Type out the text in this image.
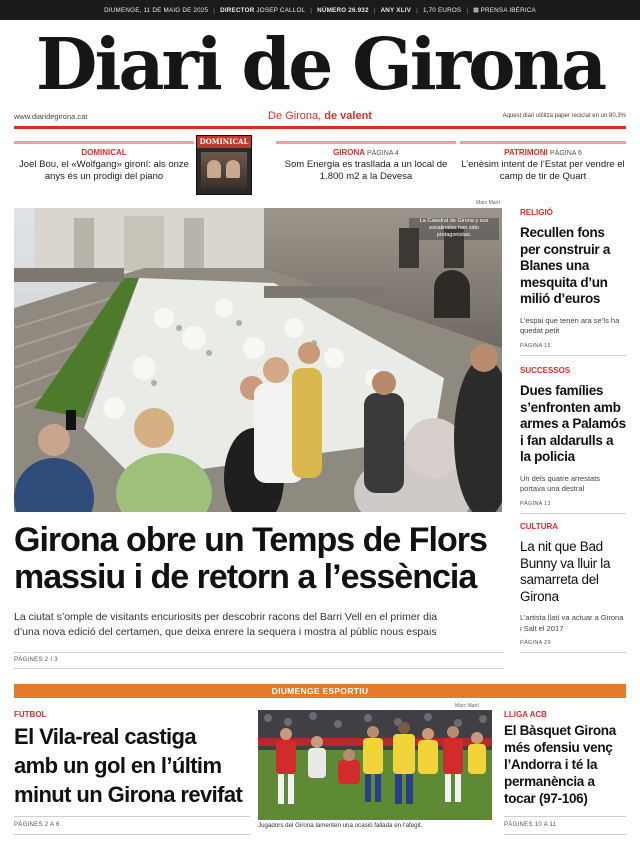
DIUMENGE, 11 DE MAIG DE 2025 | DIRECTOR
JOSEP CALLOL | NÚMERO 26.932 | ANY XLIV | 1,70 EUROS | ⊞ PRENSA IBÉRICA
Diari de Girona
www.diaridegirona.cat	De Girona, de valent	Aquest diari utilitza paper reciclat en un 80,3%
DOMINICAL
Joel Bou, el «Wolfgang» gironí: als onze anys és un prodigi del piano
DOMINICAL
GIRONA PÀGINA 4
Som Energia es trasllada a un local de 1.800 m2 a la Devesa
PATRIMONI PÀGINA 6
L’enèsim intent de l’Estat per vendre el camp de tir de Quart
Marc Martí
La Catedral de Girona y sus escalinatas han sido protagonistas.
Girona obre un Temps de Flors
massiu i de retorn a l’essència
La ciutat s’omple de visitants encuriosits per descobrir racons del Barri Vell en el primer dia
d’una nova edició del certamen, que deixa enrere la sequera i mostra al públic nous espais
PÀGINES 2 I 3
RELIGIÓ
Recullen fons per construir a Blanes una mesquita d’un milió d’euros
L’espai que tenen ara se’ls ha quedat petit
PÀGINA 15
SUCCESSOS
Dues famílies s’enfronten amb armes a Palamós i fan aldarulls a la policia
Un dels quatre arrestats portava una destral
PÀGINA 13
CULTURA
La nit que Bad Bunny va lluir la samarreta del Girona
L’artista llatí va actuar a Girona i Salt el 2017
PÀGINA 29
DIUMENGE ESPORTIU
FUTBOL
El Vila-real castiga
amb un gol en l’últim
minut un Girona revifat
PÀGINES 2 A 6
Marc Martí
Jugadors del Girona lamenten una ocasió fallada en l’afegit.
LLIGA ACB
El Bàsquet Girona
més ofensiu venç
l’Andorra i té la
permanència a
tocar (97-106)
PÀGINES 10 A 11
